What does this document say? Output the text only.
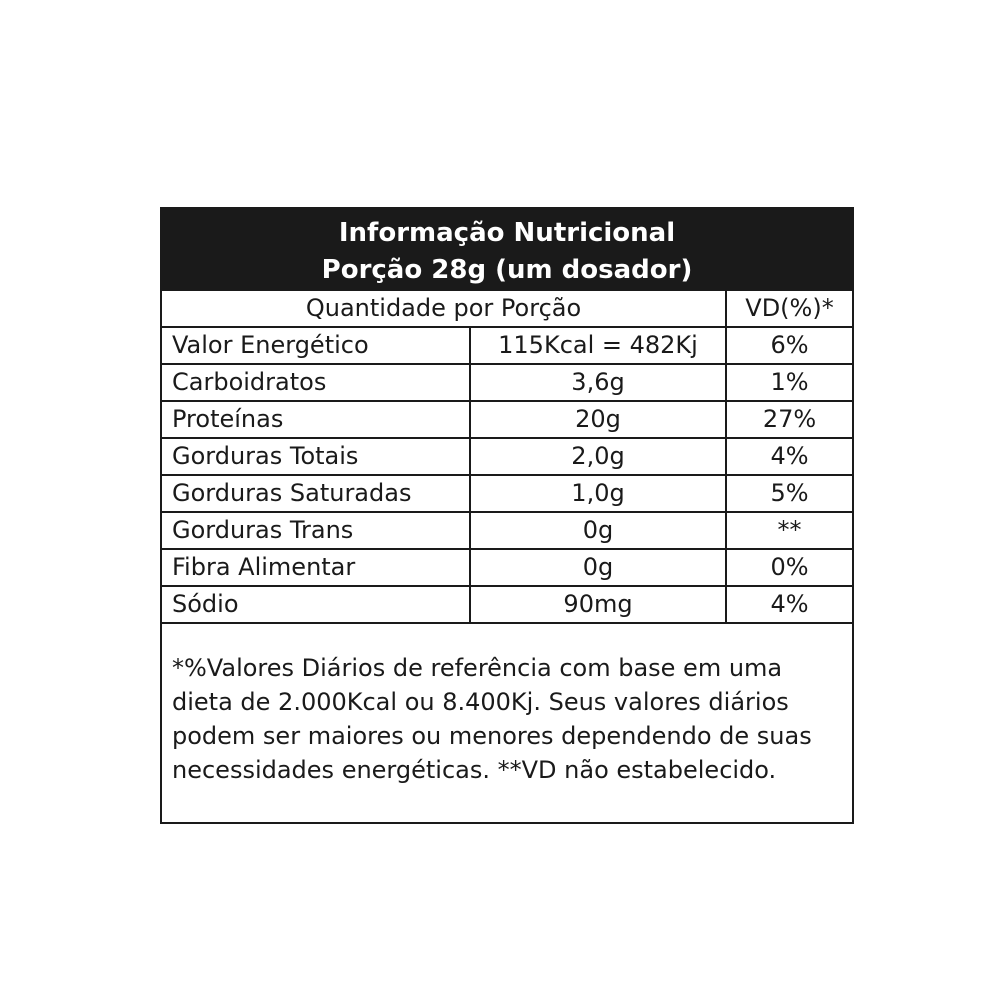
Informação Nutricional
Porção 28g (um dosador)
Quantidade por Porção		VD(%)*
Valor Energético	115Kcal = 482Kj	6%
Carboidratos	3,6g	1%
Proteínas	20g	27%
Gorduras Totais	2,0g	4%
Gorduras Saturadas	1,0g	5%
Gorduras Trans	0g	**
Fibra Alimentar	0g	0%
Sódio	90mg	4%
*%Valores Diários de referência com base em uma dieta de 2.000Kcal ou 8.400Kj. Seus valores diários podem ser maiores ou menores dependendo de suas necessidades energéticas. **VD não estabelecido.
